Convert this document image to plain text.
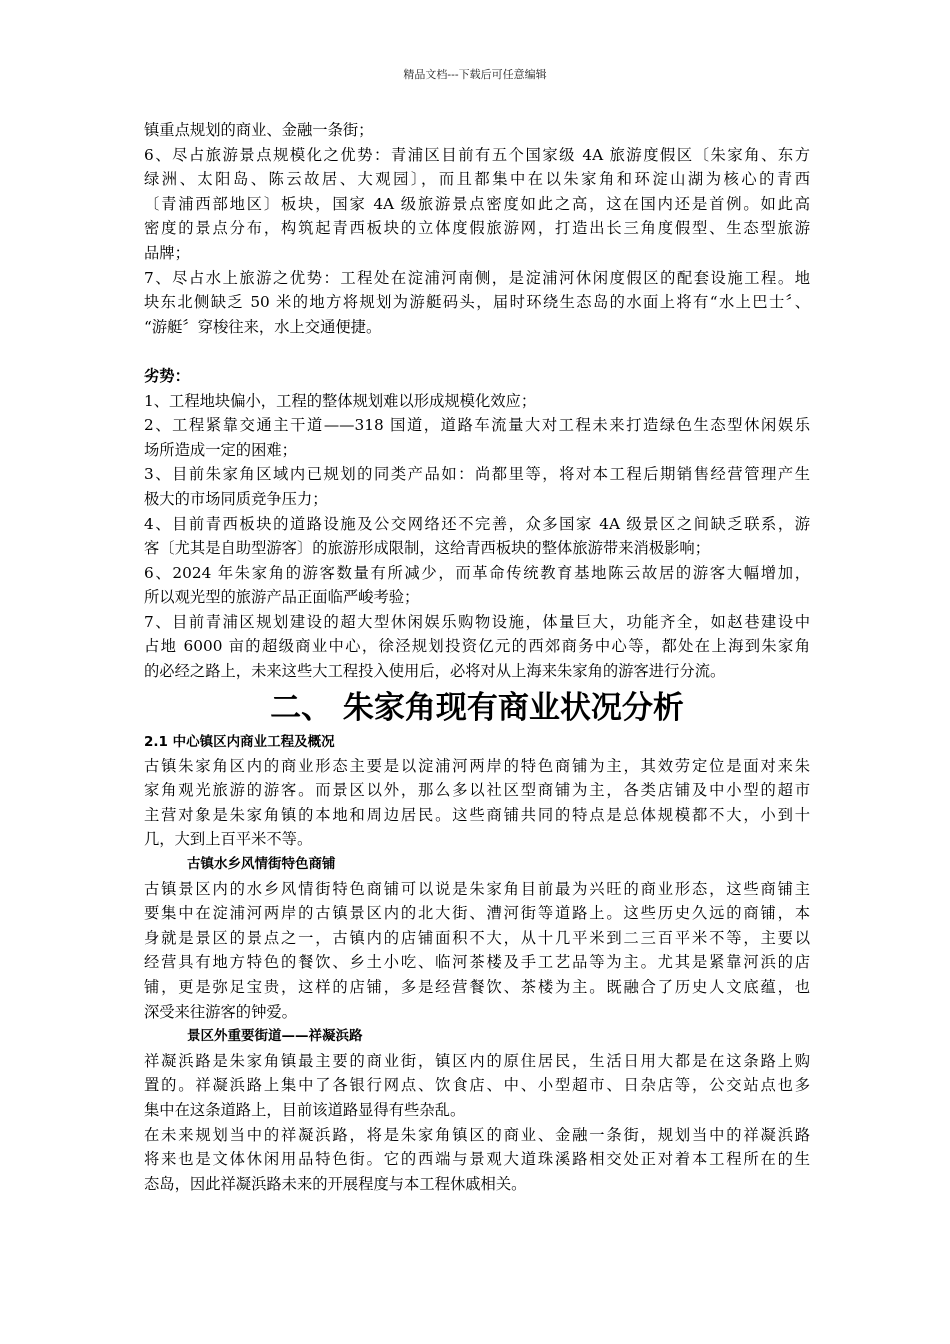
精品文档---下载后可任意编辑
镇重点规划的商业、金融一条街；
6、尽占旅游景点规模化之优势：青浦区目前有五个国家级 4A 旅游度假区〔朱家角、东方
绿洲、太阳岛、陈云故居、大观园〕，而且都集中在以朱家角和环淀山湖为核心的青西
〔青浦西部地区〕板块，国家 4A 级旅游景点密度如此之高，这在国内还是首例。如此高
密度的景点分布，构筑起青西板块的立体度假旅游网，打造出长三角度假型、生态型旅游
品牌；
7、尽占水上旅游之优势：工程处在淀浦河南侧，是淀浦河休闲度假区的配套设施工程。地
块东北侧缺乏 50 米的地方将规划为游艇码头，届时环绕生态岛的水面上将有“水上巴士〞、
“游艇〞穿梭往来，水上交通便捷。
劣势：
1、工程地块偏小，工程的整体规划难以形成规模化效应；
2、工程紧靠交通主干道——318 国道，道路车流量大对工程未来打造绿色生态型休闲娱乐
场所造成一定的困难；
3、目前朱家角区域内已规划的同类产品如：尚都里等，将对本工程后期销售经营管理产生
极大的市场同质竞争压力；
4、目前青西板块的道路设施及公交网络还不完善，众多国家 4A 级景区之间缺乏联系，游
客〔尤其是自助型游客〕的旅游形成限制，这给青西板块的整体旅游带来消极影响；
6、2024 年朱家角的游客数量有所减少，而革命传统教育基地陈云故居的游客大幅增加，
所以观光型的旅游产品正面临严峻考验；
7、目前青浦区规划建设的超大型休闲娱乐购物设施，体量巨大，功能齐全，如赵巷建设中
占地 6000 亩的超级商业中心，徐泾规划投资亿元的西郊商务中心等，都处在上海到朱家角
的必经之路上，未来这些大工程投入使用后，必将对从上海来朱家角的游客进行分流。
二、 朱家角现有商业状况分析
2.1 中心镇区内商业工程及概况
古镇朱家角区内的商业形态主要是以淀浦河两岸的特色商铺为主，其效劳定位是面对来朱
家角观光旅游的游客。而景区以外，那么多以社区型商铺为主，各类店铺及中小型的超市
主营对象是朱家角镇的本地和周边居民。这些商铺共同的特点是总体规模都不大，小到十
几，大到上百平米不等。
古镇水乡风情街特色商铺
古镇景区内的水乡风情街特色商铺可以说是朱家角目前最为兴旺的商业形态，这些商铺主
要集中在淀浦河两岸的古镇景区内的北大街、漕河街等道路上。这些历史久远的商铺，本
身就是景区的景点之一，古镇内的店铺面积不大，从十几平米到二三百平米不等，主要以
经营具有地方特色的餐饮、乡土小吃、临河茶楼及手工艺品等为主。尤其是紧靠河浜的店
铺，更是弥足宝贵，这样的店铺，多是经营餐饮、茶楼为主。既融合了历史人文底蕴，也
深受来往游客的钟爱。
景区外重要街道——祥凝浜路
祥凝浜路是朱家角镇最主要的商业街，镇区内的原住居民，生活日用大都是在这条路上购
置的。祥凝浜路上集中了各银行网点、饮食店、中、小型超市、日杂店等，公交站点也多
集中在这条道路上，目前该道路显得有些杂乱。
在未来规划当中的祥凝浜路，将是朱家角镇区的商业、金融一条街，规划当中的祥凝浜路
将来也是文体休闲用品特色街。它的西端与景观大道珠溪路相交处正对着本工程所在的生
态岛，因此祥凝浜路未来的开展程度与本工程休戚相关。
